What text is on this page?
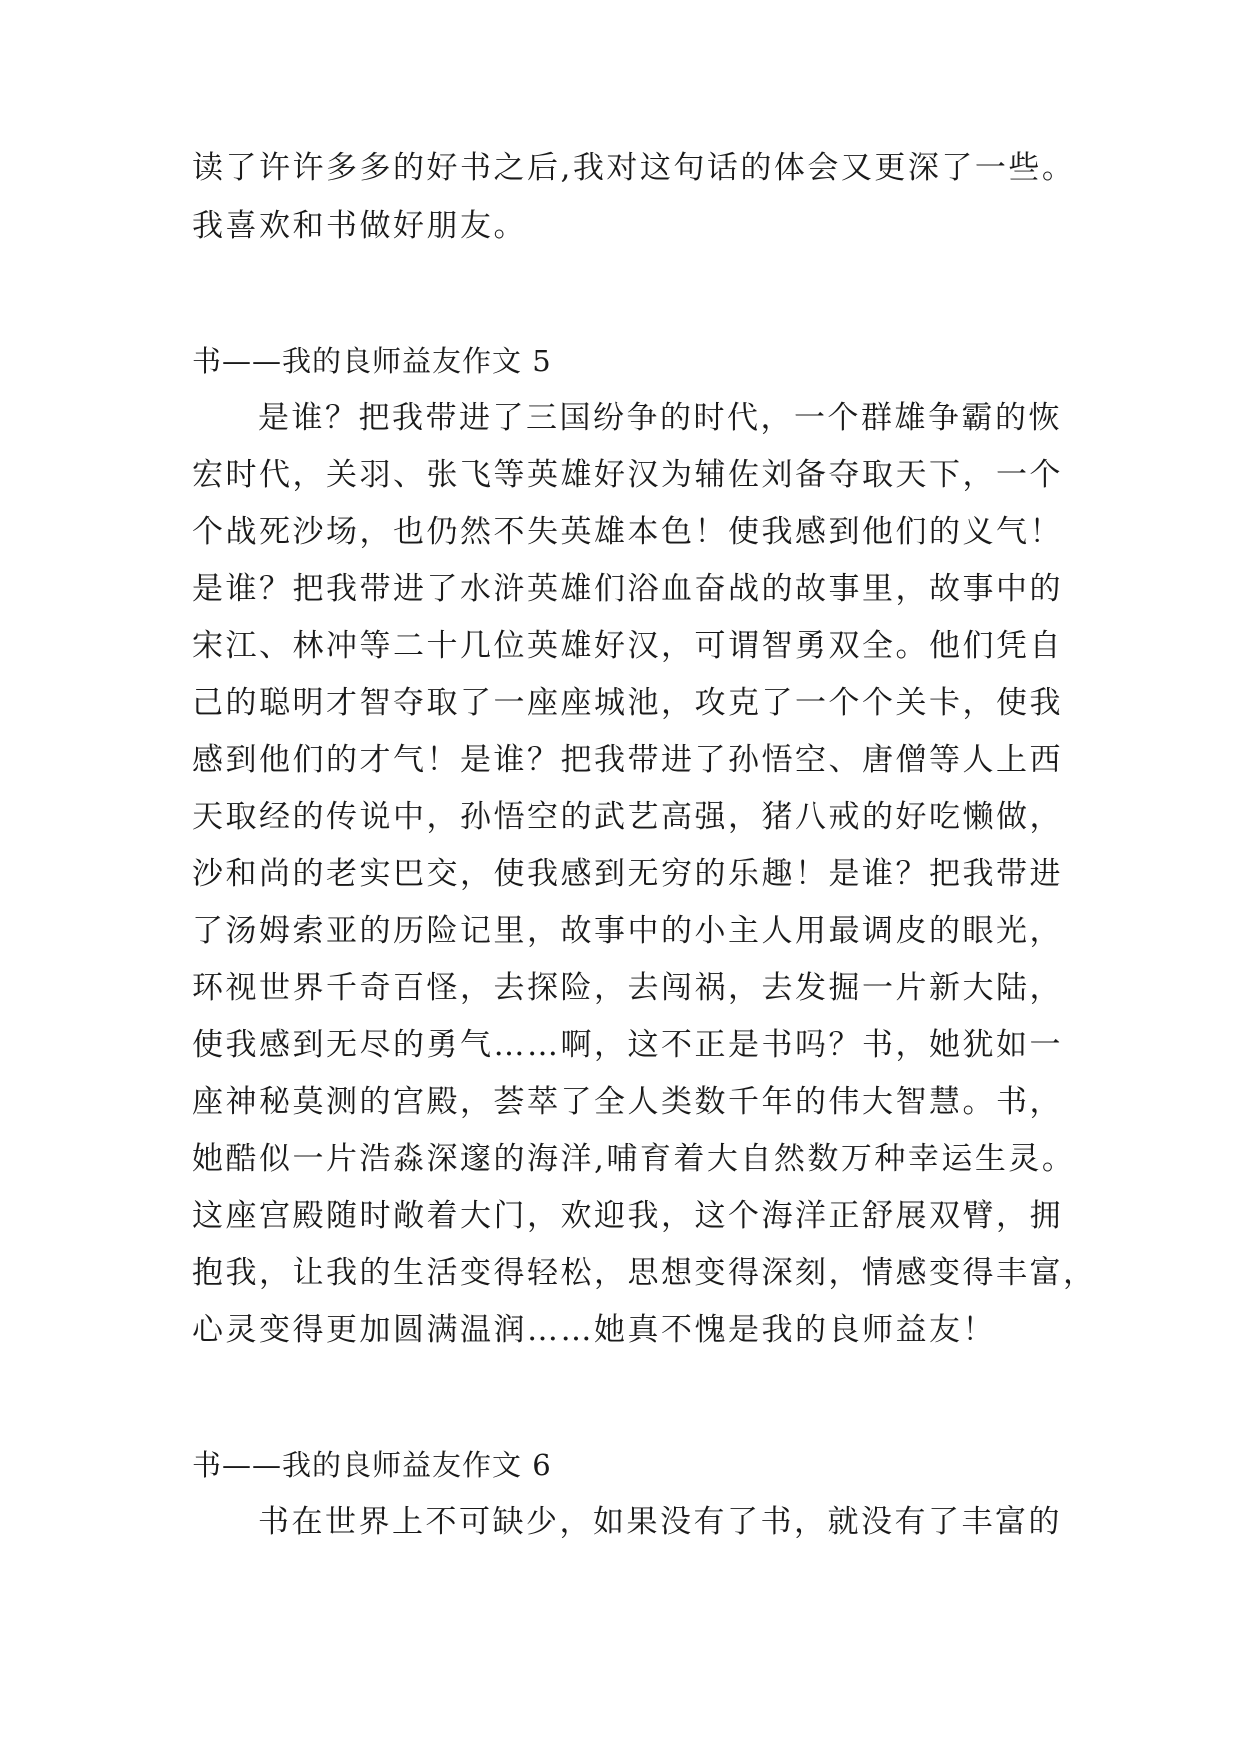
读了许许多多的好书之后,我对这句话的体会又更深了一些。
我喜欢和书做好朋友。
书——我的良师益友作文 5
是谁？把我带进了三国纷争的时代，一个群雄争霸的恢
宏时代，关羽、张飞等英雄好汉为辅佐刘备夺取天下，一个
个战死沙场，也仍然不失英雄本色！使我感到他们的义气！
是谁？把我带进了水浒英雄们浴血奋战的故事里，故事中的
宋江、林冲等二十几位英雄好汉，可谓智勇双全。他们凭自
己的聪明才智夺取了一座座城池，攻克了一个个关卡，使我
感到他们的才气！是谁？把我带进了孙悟空、唐僧等人上西
天取经的传说中，孙悟空的武艺高强，猪八戒的好吃懒做，
沙和尚的老实巴交，使我感到无穷的乐趣！是谁？把我带进
了汤姆索亚的历险记里，故事中的小主人用最调皮的眼光，
环视世界千奇百怪，去探险，去闯祸，去发掘一片新大陆，
使我感到无尽的勇气……啊，这不正是书吗？书，她犹如一
座神秘莫测的宫殿，荟萃了全人类数千年的伟大智慧。书，
她酷似一片浩淼深邃的海洋,哺育着大自然数万种幸运生灵。
这座宫殿随时敞着大门，欢迎我，这个海洋正舒展双臂，拥
抱我，让我的生活变得轻松，思想变得深刻，情感变得丰富，
心灵变得更加圆满温润……她真不愧是我的良师益友！
书——我的良师益友作文 6
书在世界上不可缺少，如果没有了书，就没有了丰富的
